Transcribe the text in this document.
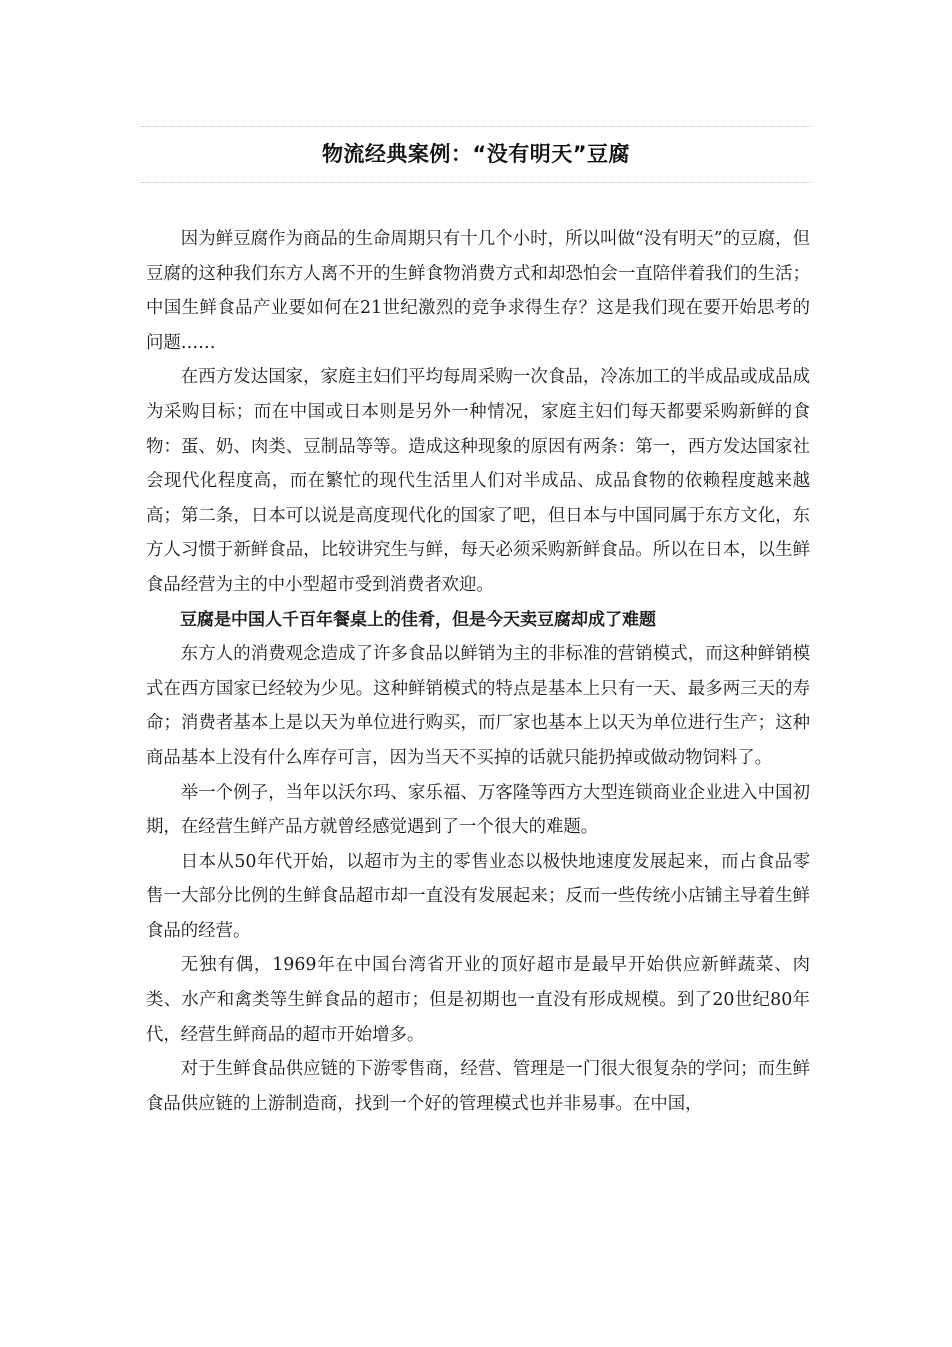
物流经典案例：“没有明天”豆腐

因为鲜豆腐作为商品的生命周期只有十几个小时，所以叫做“没有明天”的豆腐，但豆腐的这种我们东方人离不开的生鲜食物消费方式和却恐怕会一直陪伴着我们的生活；中国生鲜食品产业要如何在21世纪激烈的竞争求得生存？这是我们现在要开始思考的问题……

在西方发达国家，家庭主妇们平均每周采购一次食品，冷冻加工的半成品或成品成为采购目标；而在中国或日本则是另外一种情况，家庭主妇们每天都要采购新鲜的食物：蛋、奶、肉类、豆制品等等。造成这种现象的原因有两条：第一，西方发达国家社会现代化程度高，而在繁忙的现代生活里人们对半成品、成品食物的依赖程度越来越高；第二条，日本可以说是高度现代化的国家了吧，但日本与中国同属于东方文化，东方人习惯于新鲜食品，比较讲究生与鲜，每天必须采购新鲜食品。所以在日本，以生鲜食品经营为主的中小型超市受到消费者欢迎。

豆腐是中国人千百年餐桌上的佳肴，但是今天卖豆腐却成了难题

东方人的消费观念造成了许多食品以鲜销为主的非标准的营销模式，而这种鲜销模式在西方国家已经较为少见。这种鲜销模式的特点是基本上只有一天、最多两三天的寿命；消费者基本上是以天为单位进行购买，而厂家也基本上以天为单位进行生产；这种商品基本上没有什么库存可言，因为当天不买掉的话就只能扔掉或做动物饲料了。

举一个例子，当年以沃尔玛、家乐福、万客隆等西方大型连锁商业企业进入中国初期，在经营生鲜产品方就曾经感觉遇到了一个很大的难题。

日本从50年代开始，以超市为主的零售业态以极快地速度发展起来，而占食品零售一大部分比例的生鲜食品超市却一直没有发展起来；反而一些传统小店铺主导着生鲜食品的经营。

无独有偶，1969年在中国台湾省开业的顶好超市是最早开始供应新鲜蔬菜、肉类、水产和禽类等生鲜食品的超市；但是初期也一直没有形成规模。到了20世纪80年代，经营生鲜商品的超市开始增多。

对于生鲜食品供应链的下游零售商，经营、管理是一门很大很复杂的学问；而生鲜食品供应链的上游制造商，找到一个好的管理模式也并非易事。在中国，
